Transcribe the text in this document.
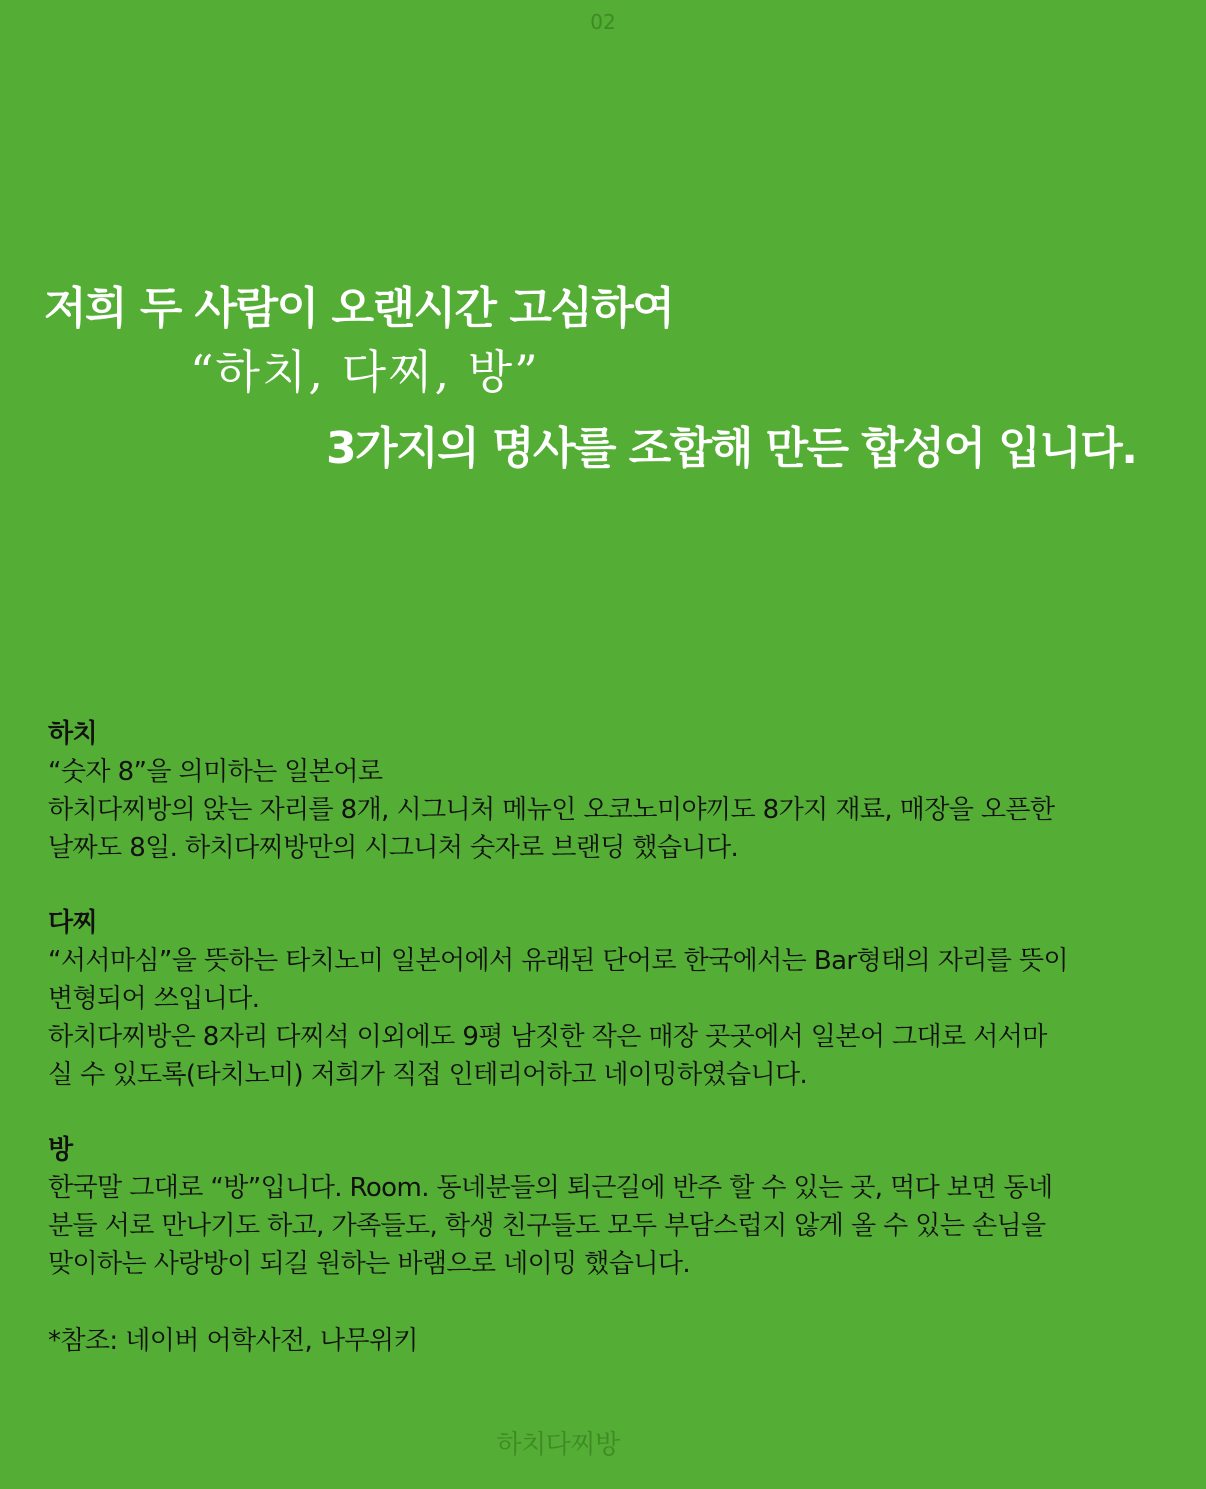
02
저희 두 사람이 오랜시간 고심하여
“하치, 다찌, 방”
3가지의 명사를 조합해 만든 합성어 입니다.
하치
“숫자 8”을 의미하는 일본어로
하치다찌방의 앉는 자리를 8개, 시그니처 메뉴인 오코노미야끼도 8가지 재료, 매장을 오픈한
날짜도 8일. 하치다찌방만의 시그니처 숫자로 브랜딩 했습니다.
다찌
“서서마심”을 뜻하는 타치노미 일본어에서 유래된 단어로 한국에서는 Bar형태의 자리를 뜻이
변형되어 쓰입니다.
하치다찌방은 8자리 다찌석 이외에도 9평 남짓한 작은 매장 곳곳에서 일본어 그대로 서서마
실 수 있도록(타치노미) 저희가 직접 인테리어하고 네이밍하였습니다.
방
한국말 그대로 “방”입니다. Room. 동네분들의 퇴근길에 반주 할 수 있는 곳, 먹다 보면 동네
분들 서로 만나기도 하고, 가족들도, 학생 친구들도 모두 부담스럽지 않게 올 수 있는 손님을
맞이하는 사랑방이 되길 원하는 바램으로 네이밍 했습니다.
*참조: 네이버 어학사전, 나무위키
하치다찌방
